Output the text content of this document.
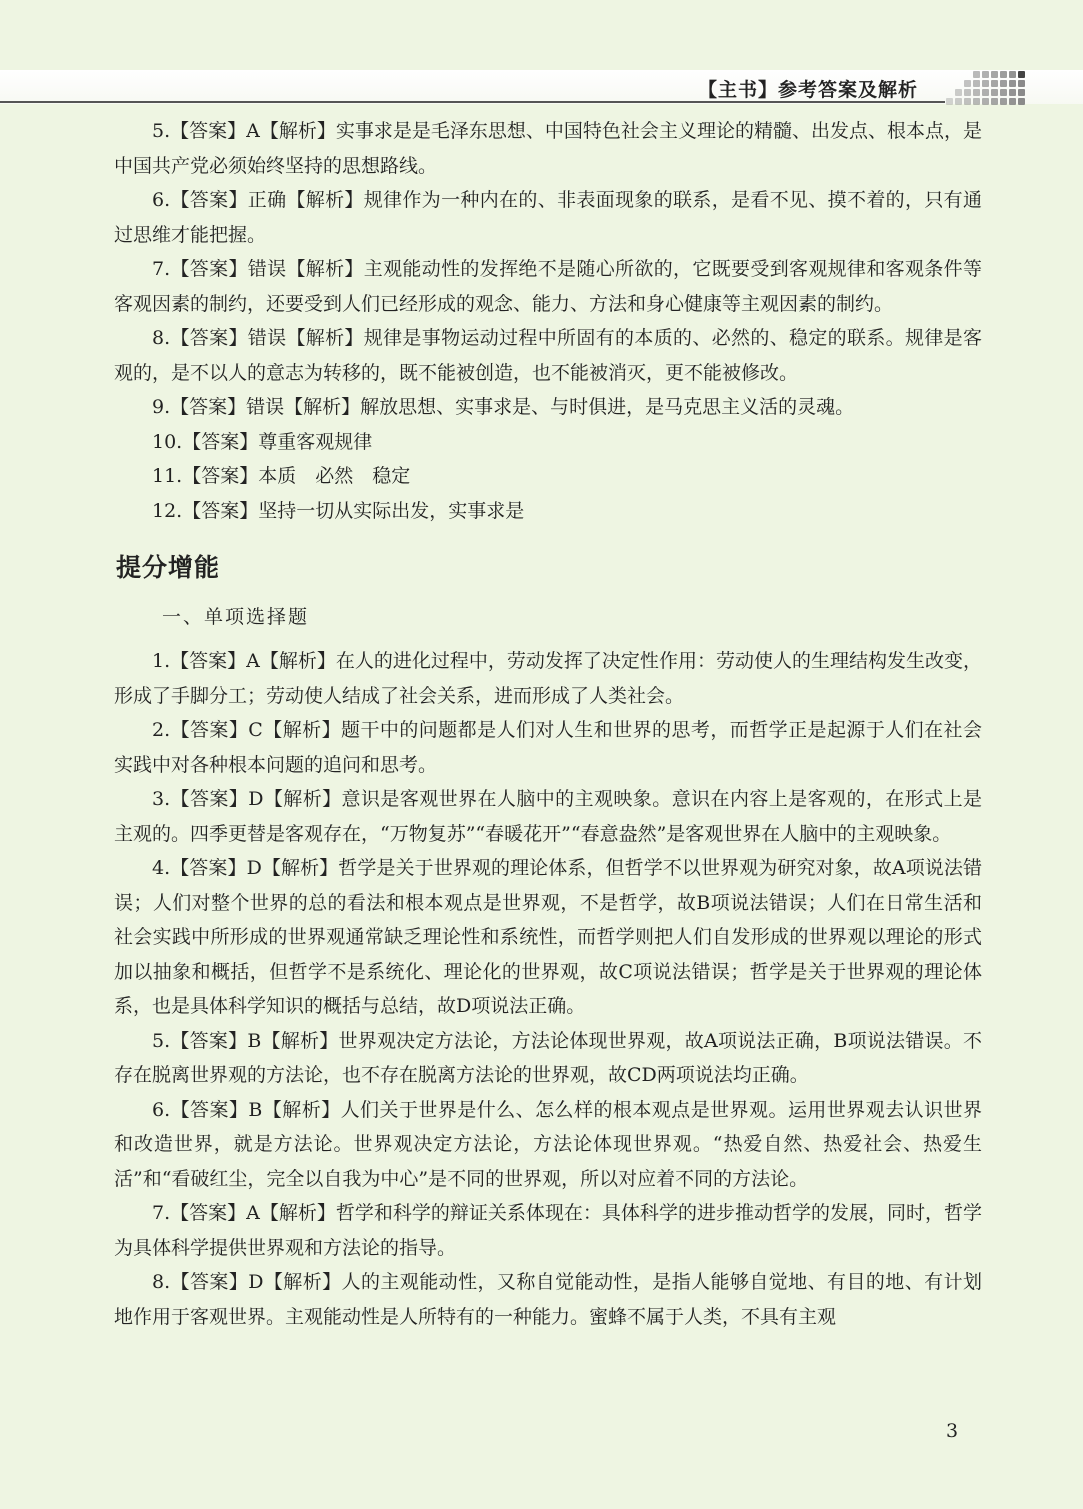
【主书】参考答案及解析

5.【答案】A【解析】实事求是是毛泽东思想、中国特色社会主义理论的精髓、出发点、根本点，是中国共产党必须始终坚持的思想路线。

6.【答案】正确【解析】规律作为一种内在的、非表面现象的联系，是看不见、摸不着的，只有通过思维才能把握。

7.【答案】错误【解析】主观能动性的发挥绝不是随心所欲的，它既要受到客观规律和客观条件等客观因素的制约，还要受到人们已经形成的观念、能力、方法和身心健康等主观因素的制约。

8.【答案】错误【解析】规律是事物运动过程中所固有的本质的、必然的、稳定的联系。规律是客观的，是不以人的意志为转移的，既不能被创造，也不能被消灭，更不能被修改。

9.【答案】错误【解析】解放思想、实事求是、与时俱进，是马克思主义活的灵魂。

10.【答案】尊重客观规律

11.【答案】本质　必然　稳定

12.【答案】坚持一切从实际出发，实事求是

提分增能
一、单项选择题

1.【答案】A【解析】在人的进化过程中，劳动发挥了决定性作用：劳动使人的生理结构发生改变，形成了手脚分工；劳动使人结成了社会关系，进而形成了人类社会。

2.【答案】C【解析】题干中的问题都是人们对人生和世界的思考，而哲学正是起源于人们在社会实践中对各种根本问题的追问和思考。

3.【答案】D【解析】意识是客观世界在人脑中的主观映象。意识在内容上是客观的，在形式上是主观的。四季更替是客观存在，“万物复苏”“春暖花开”“春意盎然”是客观世界在人脑中的主观映象。

4.【答案】D【解析】哲学是关于世界观的理论体系，但哲学不以世界观为研究对象，故A项说法错误；人们对整个世界的总的看法和根本观点是世界观，不是哲学，故B项说法错误；人们在日常生活和社会实践中所形成的世界观通常缺乏理论性和系统性，而哲学则把人们自发形成的世界观以理论的形式加以抽象和概括，但哲学不是系统化、理论化的世界观，故C项说法错误；哲学是关于世界观的理论体系，也是具体科学知识的概括与总结，故D项说法正确。

5.【答案】B【解析】世界观决定方法论，方法论体现世界观，故A项说法正确，B项说法错误。不存在脱离世界观的方法论，也不存在脱离方法论的世界观，故CD两项说法均正确。

6.【答案】B【解析】人们关于世界是什么、怎么样的根本观点是世界观。运用世界观去认识世界和改造世界，就是方法论。世界观决定方法论，方法论体现世界观。“热爱自然、热爱社会、热爱生活”和“看破红尘，完全以自我为中心”是不同的世界观，所以对应着不同的方法论。

7.【答案】A【解析】哲学和科学的辩证关系体现在：具体科学的进步推动哲学的发展，同时，哲学为具体科学提供世界观和方法论的指导。

8.【答案】D【解析】人的主观能动性，又称自觉能动性，是指人能够自觉地、有目的地、有计划地作用于客观世界。主观能动性是人所特有的一种能力。蜜蜂不属于人类，不具有主观

3
